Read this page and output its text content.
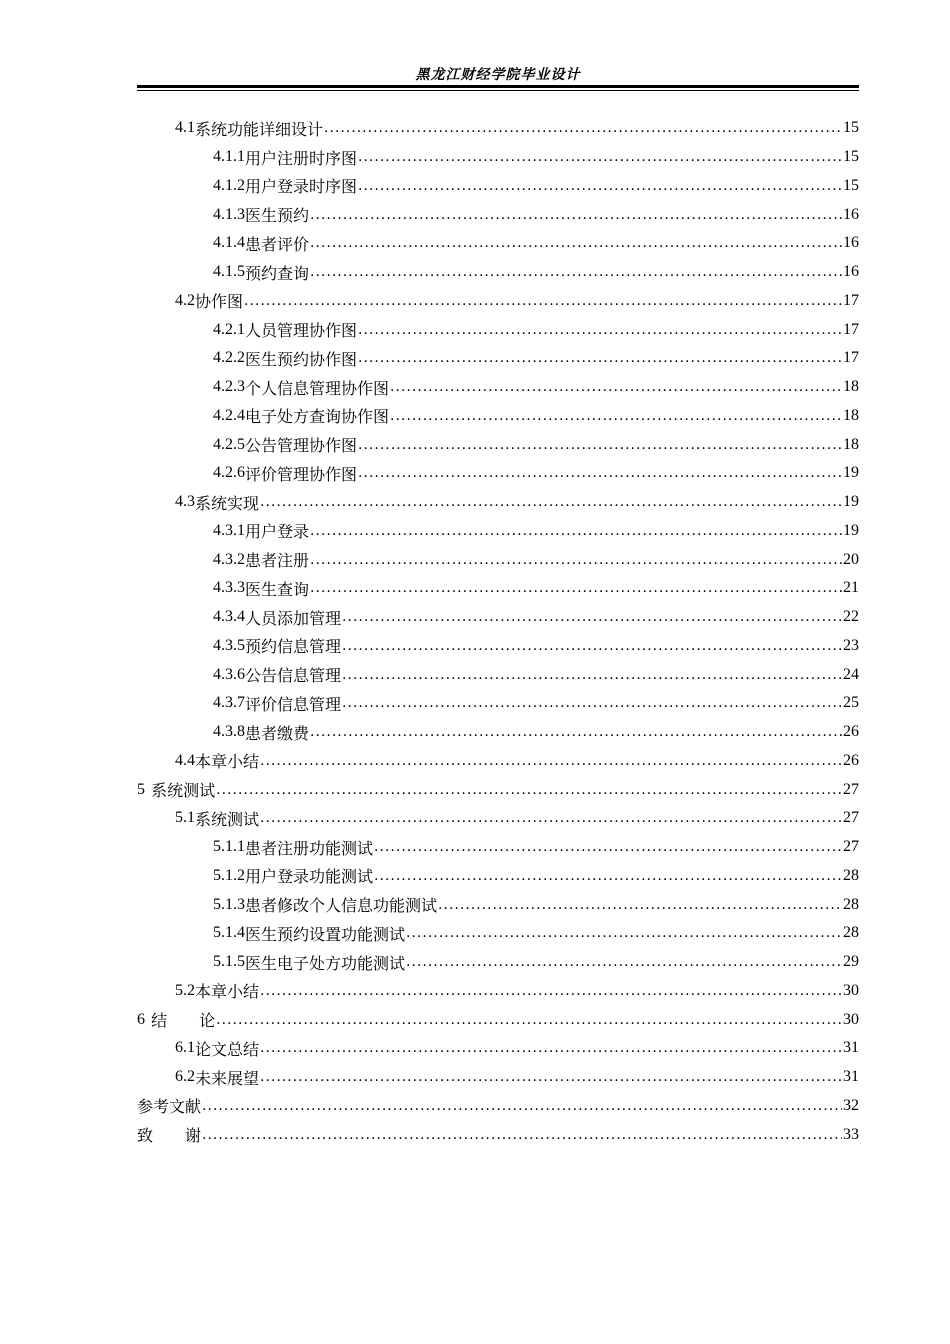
黑龙江财经学院毕业设计
4.1 系统功能详细设计 .....	15
4.1.1 用户注册时序图 .....	15
4.1.2 用户登录时序图 .....	15
4.1.3 医生预约 .....	16
4.1.4 患者评价 .....	16
4.1.5 预约查询 .....	16
4.2 协作图 .....	17
4.2.1 人员管理协作图 .....	17
4.2.2 医生预约协作图 .....	17
4.2.3 个人信息管理协作图 .....	18
4.2.4 电子处方查询协作图 .....	18
4.2.5 公告管理协作图 .....	18
4.2.6 评价管理协作图 .....	19
4.3 系统实现 .....	19
4.3.1 用户登录 .....	19
4.3.2 患者注册 .....	20
4.3.3 医生查询 .....	21
4.3.4 人员添加管理 .....	22
4.3.5 预约信息管理 .....	23
4.3.6 公告信息管理 .....	24
4.3.7 评价信息管理 .....	25
4.3.8 患者缴费 .....	26
4.4 本章小结 .....	26
5 系统测试 .....	27
5.1 系统测试 .....	27
5.1.1 患者注册功能测试 .....	27
5.1.2 用户登录功能测试 .....	28
5.1.3 患者修改个人信息功能测试 .....	28
5.1.4 医生预约设置功能测试 .....	28
5.1.5 医生电子处方功能测试 .....	29
5.2 本章小结 .....	30
6 结　　论 .....	30
6.1 论文总结 .....	31
6.2 未来展望 .....	31
参考文献 .....	32
致　　谢 .....	33
